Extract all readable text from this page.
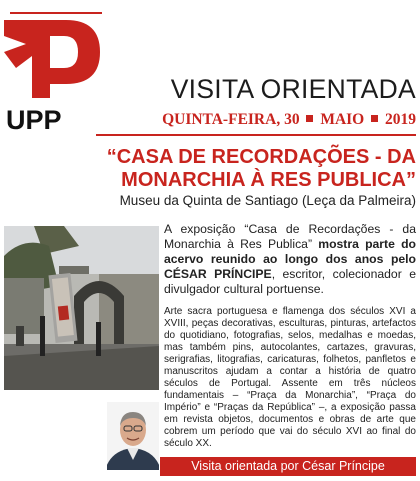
UPP
VISITA ORIENTADA
QUINTA-FEIRA, 30 MAIO 2019
“CASA DE RECORDAÇÕES - DA MONARCHIA À RES PUBLICA”
Museu da Quinta de Santiago (Leça da Palmeira)
A exposição “Casa de Recordações - da Monarchia à Res Publica” mostra parte do acervo reunido ao longo dos anos pelo CÉSAR PRÍNCIPE, escritor, colecionador e divulgador cultural portuense.
Arte sacra portuguesa e flamenga dos séculos XVI a XVIII, peças decorativas, esculturas, pinturas, artefactos do quotidiano, fotografias, selos, medalhas e moedas, mas também pins, autocolantes, cartazes, gravuras, serigrafias, litografias, caricaturas, folhetos, panfletos e manuscritos ajudam a contar a história de quatro séculos de Portugal. Assente em três núcleos fundamentais – “Praça da Monarchia”, “Praça do Império” e “Praças da República” –, a exposição passa em revista objetos, documentos e obras de arte que cobrem um período que vai do século XVI ao final do século XX.
Visita orientada por César Príncipe
